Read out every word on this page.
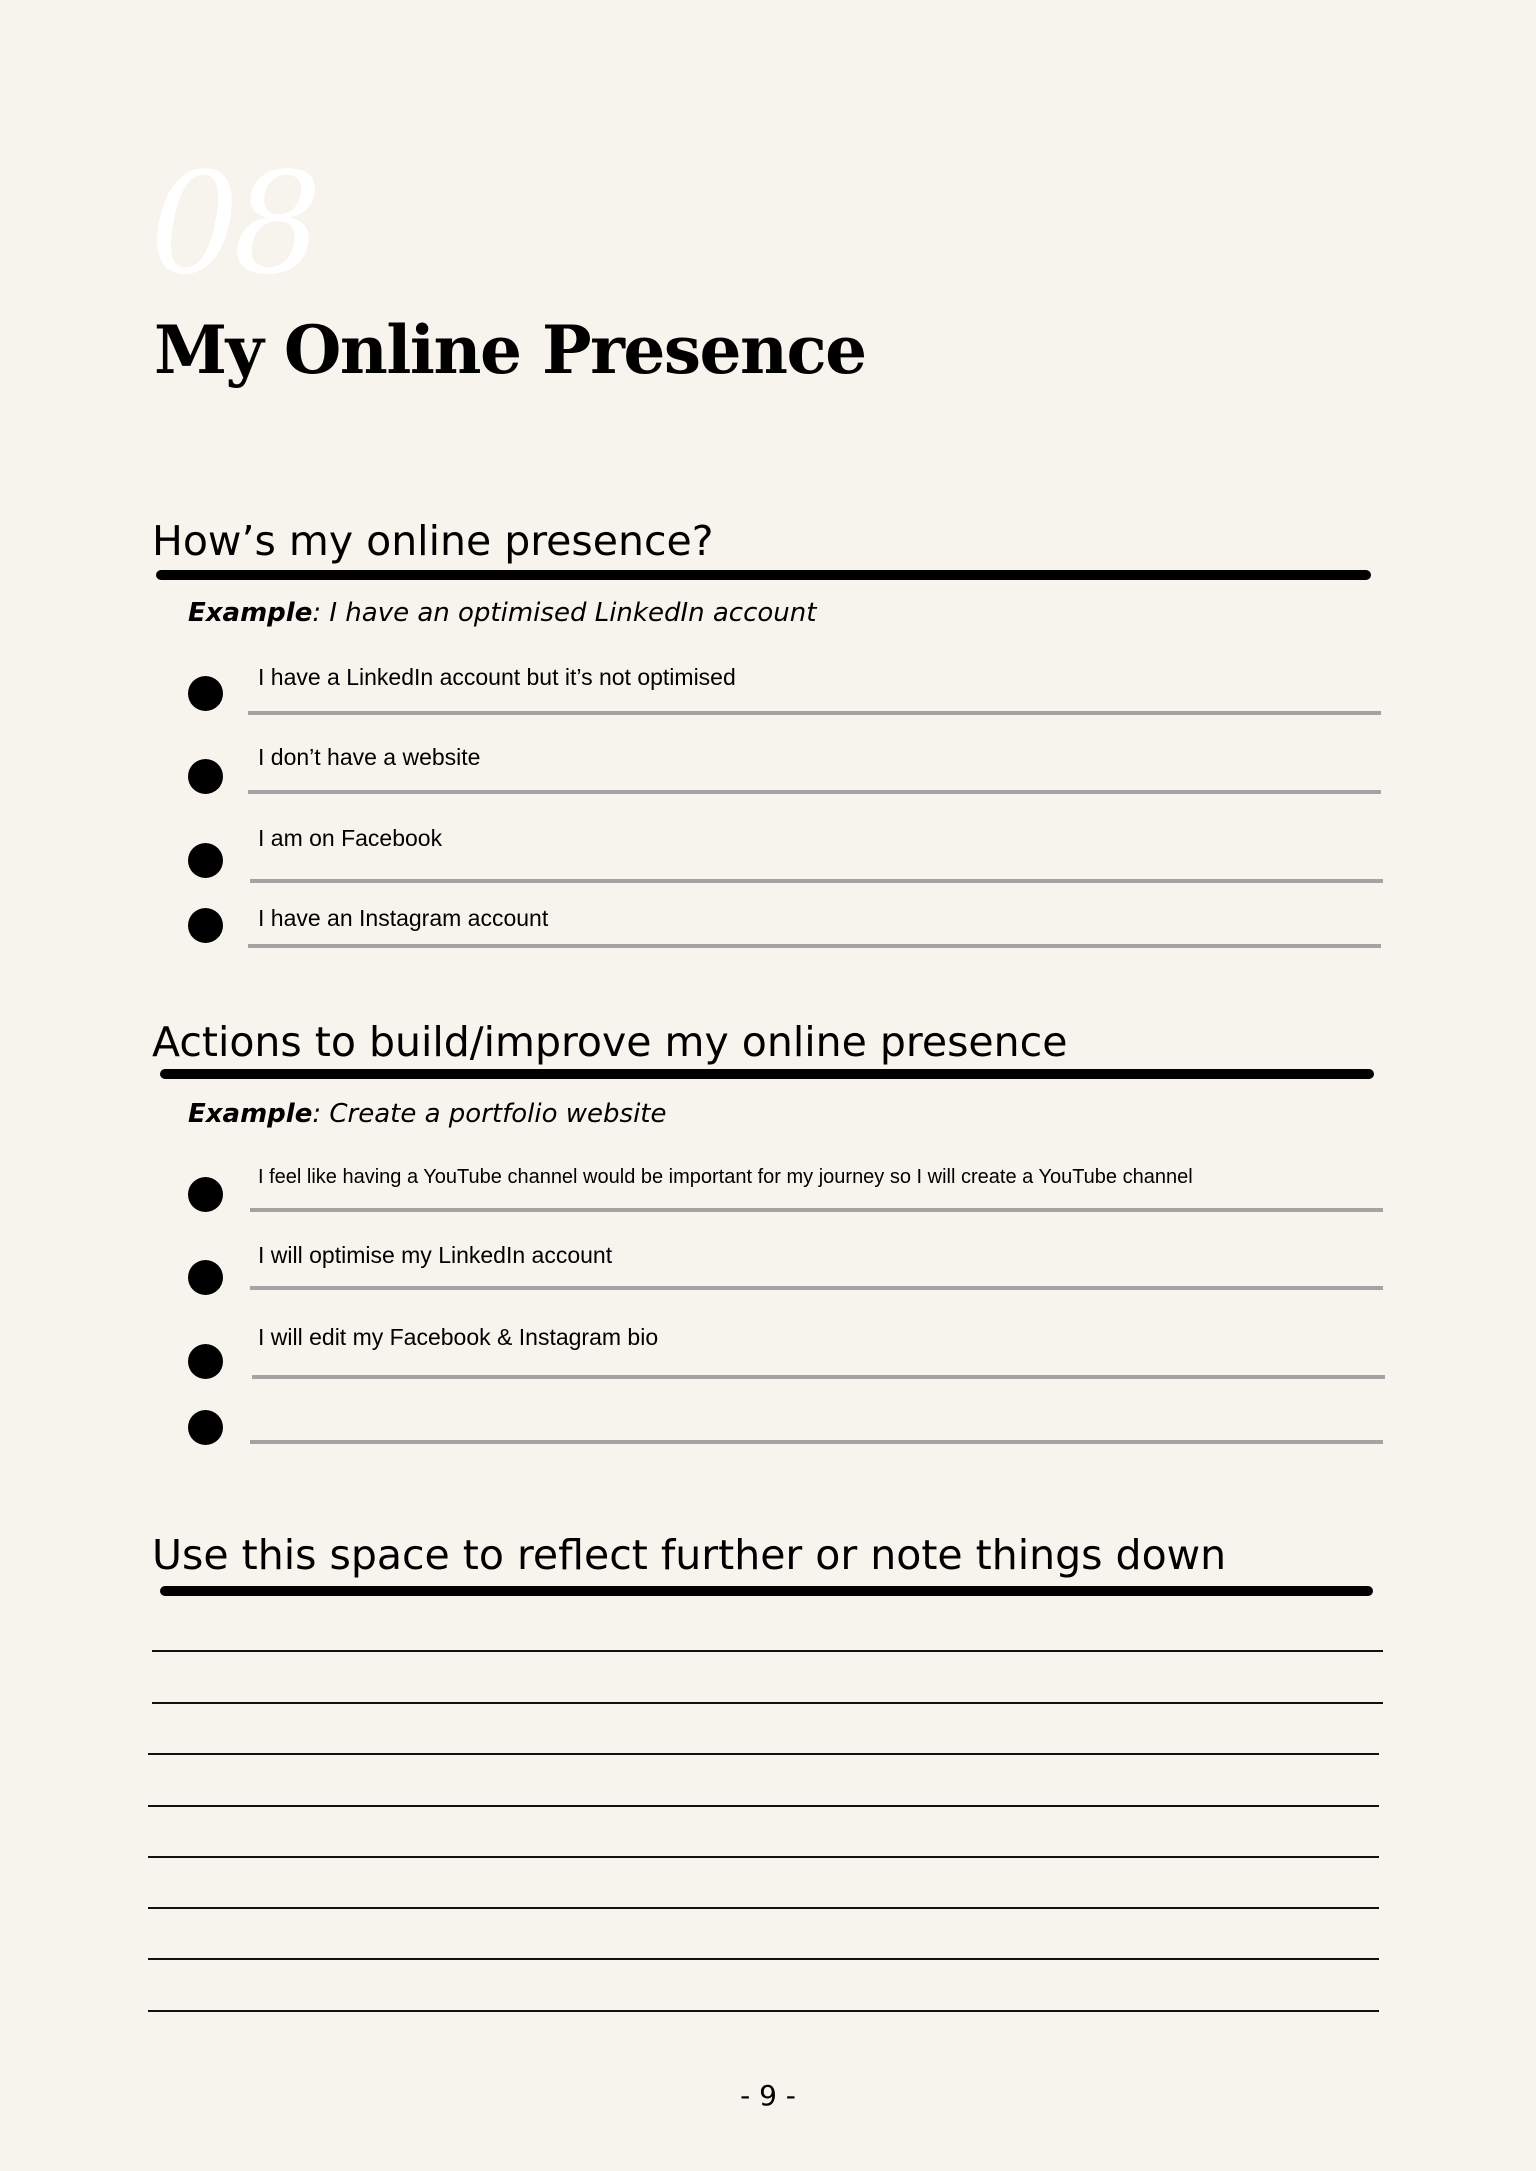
08
My Online Presence
How’s my online presence?
Example: I have an optimised LinkedIn account
I have a LinkedIn account but it’s not optimised
I don’t have a website
I am on Facebook
I have an Instagram account
Actions to build/improve my online presence
Example: Create a portfolio website
I feel like having a YouTube channel would be important for my journey so I will create a YouTube channel
I will optimise my LinkedIn account
I will edit my Facebook & Instagram bio
Use this space to reflect further or note things down
- 9 -
